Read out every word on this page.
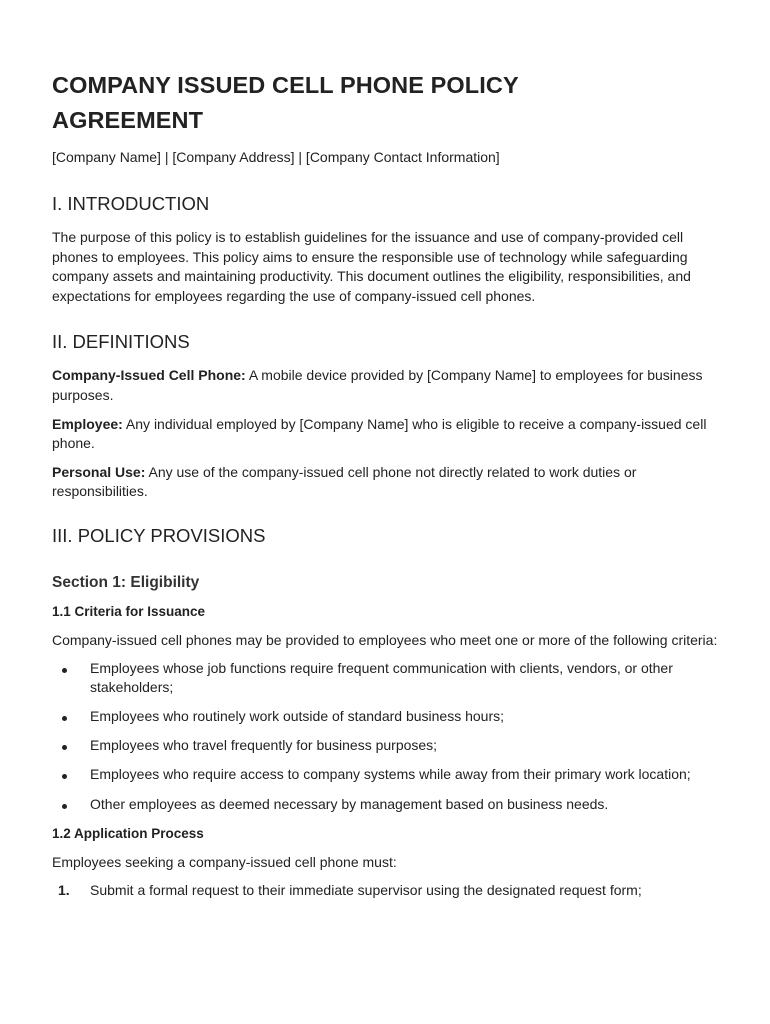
COMPANY ISSUED CELL PHONE POLICY
AGREEMENT
[Company Name] | [Company Address] | [Company Contact Information]
I. INTRODUCTION

The purpose of this policy is to establish guidelines for the issuance and use of company-provided cell phones to employees. This policy aims to ensure the responsible use of technology while safeguarding company assets and maintaining productivity. This document outlines the eligibility, responsibilities, and expectations for employees regarding the use of company-issued cell phones.

II. DEFINITIONS

Company-Issued Cell Phone: A mobile device provided by [Company Name] to employees for business purposes.

Employee: Any individual employed by [Company Name] who is eligible to receive a company-issued cell phone.

Personal Use: Any use of the company-issued cell phone not directly related to work duties or responsibilities.

III. POLICY PROVISIONS
Section 1: Eligibility
1.1 Criteria for Issuance

Company-issued cell phones may be provided to employees who meet one or more of the following criteria:

Employees whose job functions require frequent communication with clients, vendors, or other stakeholders;
Employees who routinely work outside of standard business hours;
Employees who travel frequently for business purposes;
Employees who require access to company systems while away from their primary work location;
Other employees as deemed necessary by management based on business needs.
1.2 Application Process

Employees seeking a company-issued cell phone must:

1. Submit a formal request to their immediate supervisor using the designated request form;
